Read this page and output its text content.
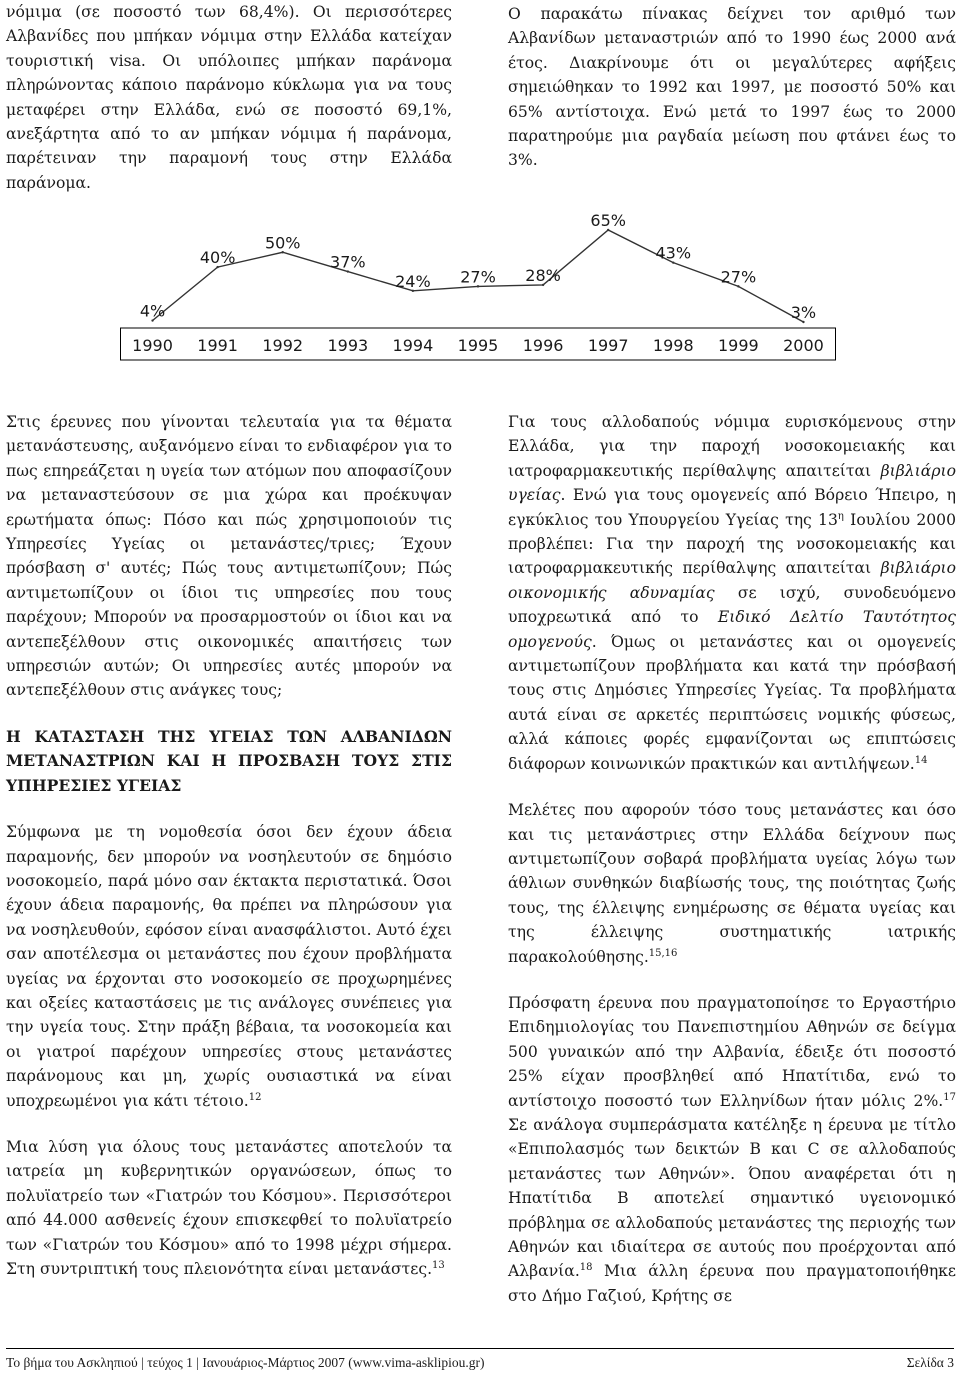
νόμιμα (σε ποσοστό των 68,4%). Οι περισσότερες Αλβανίδες που μπήκαν νόμιμα στην Ελλάδα κατείχαν τουριστική visa. Οι υπόλοιπες μπήκαν παράνομα πληρώνοντας κάποιο παράνομο κύκλωμα για να τους μεταφέρει στην Ελλάδα, ενώ σε ποσοστό 69,1%, ανεξάρτητα από το αν μπήκαν νόμιμα ή παράνομα, παρέτειναν την παραμονή τους στην Ελλάδα παράνομα.

Ο παρακάτω πίνακας δείχνει τον αριθμό των Αλβανίδων μεταναστριών από το 1990 έως 2000 ανά έτος. Διακρίνουμε ότι οι μεγαλύτερες αφήξεις σημειώθηκαν το 1992 και 1997, με ποσοστό 50% και 65% αντίστοιχα. Ενώ μετά το 1997 έως το 2000 παρατηρούμε μια ραγδαία μείωση που φτάνει έως το 3%.

1990 1991 1992 1993 1994 1995 1996 1997 1998 1999 2000
4%
40%
50%
37%
24% 27% 28%
65%
43%
27%
3%

Στις έρευνες που γίνονται τελευταία για τα θέματα μετανάστευσης, αυξανόμενο είναι το ενδιαφέρον για το πως επηρεάζεται η υγεία των ατόμων που αποφασίζουν να μεταναστεύσουν σε μια χώρα και προέκυψαν ερωτήματα όπως: Πόσο και πώς χρησιμοποιούν τις Υπηρεσίες Υγείας οι μετανάστες/τριες; Έχουν πρόσβαση σ' αυτές; Πώς τους αντιμετωπίζουν; Πώς αντιμετωπίζουν οι ίδιοι τις υπηρεσίες που τους παρέχουν; Μπορούν να προσαρμοστούν οι ίδιοι και να αντεπεξέλθουν στις οικονομικές απαιτήσεις των υπηρεσιών αυτών; Οι υπηρεσίες αυτές μπορούν να αντεπεξέλθουν στις ανάγκες τους;

Η ΚΑΤΑΣΤΑΣΗ ΤΗΣ ΥΓΕΙΑΣ ΤΩΝ ΑΛΒΑΝΙΔΩΝ ΜΕΤΑΝΑΣΤΡΙΩΝ ΚΑΙ Η ΠΡΟΣΒΑΣΗ ΤΟΥΣ ΣΤΙΣ ΥΠΗΡΕΣΙΕΣ ΥΓΕΙΑΣ

Σύμφωνα με τη νομοθεσία όσοι δεν έχουν άδεια παραμονής, δεν μπορούν να νοσηλευτούν σε δημόσιο νοσοκομείο, παρά μόνο σαν έκτακτα περιστατικά. Όσοι έχουν άδεια παραμονής, θα πρέπει να πληρώσουν για να νοσηλευθούν, εφόσον είναι ανασφάλιστοι. Αυτό έχει σαν αποτέλεσμα οι μετανάστες που έχουν προβλήματα υγείας να έρχονται στο νοσοκομείο σε προχωρημένες και οξείες καταστάσεις με τις ανάλογες συνέπειες για την υγεία τους. Στην πράξη βέβαια, τα νοσοκομεία και οι γιατροί παρέχουν υπηρεσίες στους μετανάστες παράνομους και μη, χωρίς ουσιαστικά να είναι υποχρεωμένοι για κάτι τέτοιο.$^{12}$

Μια λύση για όλους τους μετανάστες αποτελούν τα ιατρεία μη κυβερνητικών οργανώσεων, όπως το πολυϊατρείο των «Γιατρών του Κόσμου». Περισσότεροι από 44.000 ασθενείς έχουν επισκεφθεί το πολυϊατρείο των «Γιατρών του Κόσμου» από το 1998 μέχρι σήμερα. Στη συντριπτική τους πλειονότητα είναι μετανάστες.$^{13}$

Για τους αλλοδαπούς νόμιμα ευρισκόμενους στην Ελλάδα, για την παροχή νοσοκομειακής και ιατροφαρμακευτικής περίθαλψης απαιτείται βιβλιάριο υγείας. Ενώ για τους ομογενείς από Βόρειο Ήπειρο, η εγκύκλιος του Υπουργείου Υγείας της $13^\eta$ Ιουλίου 2000 προβλέπει: Για την παροχή της νοσοκομειακής και ιατροφαρμακευτικής περίθαλψης απαιτείται βιβλιάριο οικονομικής αδυναμίας σε ισχύ, συνοδευόμενο υποχρεωτικά από το Ειδικό Δελτίο Ταυτότητος ομογενούς. Όμως οι μετανάστες και οι ομογενείς αντιμετωπίζουν προβλήματα και κατά την πρόσβασή τους στις Δημόσιες Υπηρεσίες Υγείας. Τα προβλήματα αυτά είναι σε αρκετές περιπτώσεις νομικής φύσεως, αλλά κάποιες φορές εμφανίζονται ως επιπτώσεις διάφορων κοινωνικών πρακτικών και αντιλήψεων.$^{14}$

Μελέτες που αφορούν τόσο τους μετανάστες και όσο και τις μετανάστριες στην Ελλάδα δείχνουν πως αντιμετωπίζουν σοβαρά προβλήματα υγείας λόγω των άθλιων συνθηκών διαβίωσής τους, της ποιότητας ζωής τους, της έλλειψης ενημέρωσης σε θέματα υγείας και της έλλειψης συστηματικής ιατρικής παρακολούθησης.$^{15,16}$

Πρόσφατη έρευνα που πραγματοποίησε το Εργαστήριο Επιδημιολογίας του Πανεπιστημίου Αθηνών σε δείγμα 500 γυναικών από την Αλβανία, έδειξε ότι ποσοστό 25% είχαν προσβληθεί από Ηπατίτιδα, ενώ το αντίστοιχο ποσοστό των Ελληνίδων ήταν μόλις 2%.$^{17}$ Σε ανάλογα συμπεράσματα κατέληξε η έρευνα με τίτλο «Επιπολασμός των δεικτών Β και C σε αλλοδαπούς μετανάστες των Αθηνών». Όπου αναφέρεται ότι η Ηπατίτιδα Β αποτελεί σημαντικό υγειονομικό πρόβλημα σε αλλοδαπούς μετανάστες της περιοχής των Αθηνών και ιδιαίτερα σε αυτούς που προέρχονται από Αλβανία.$^{18}$ Μια άλλη έρευνα που πραγματοποιήθηκε στο Δήμο Γαζιού, Κρήτης σε

Το βήμα του Ασκληπιού | τεύχος 1 | Ιανουάριος-Μάρτιος 2007 (www.vima-asklipiou.gr)	Σελίδα 3
